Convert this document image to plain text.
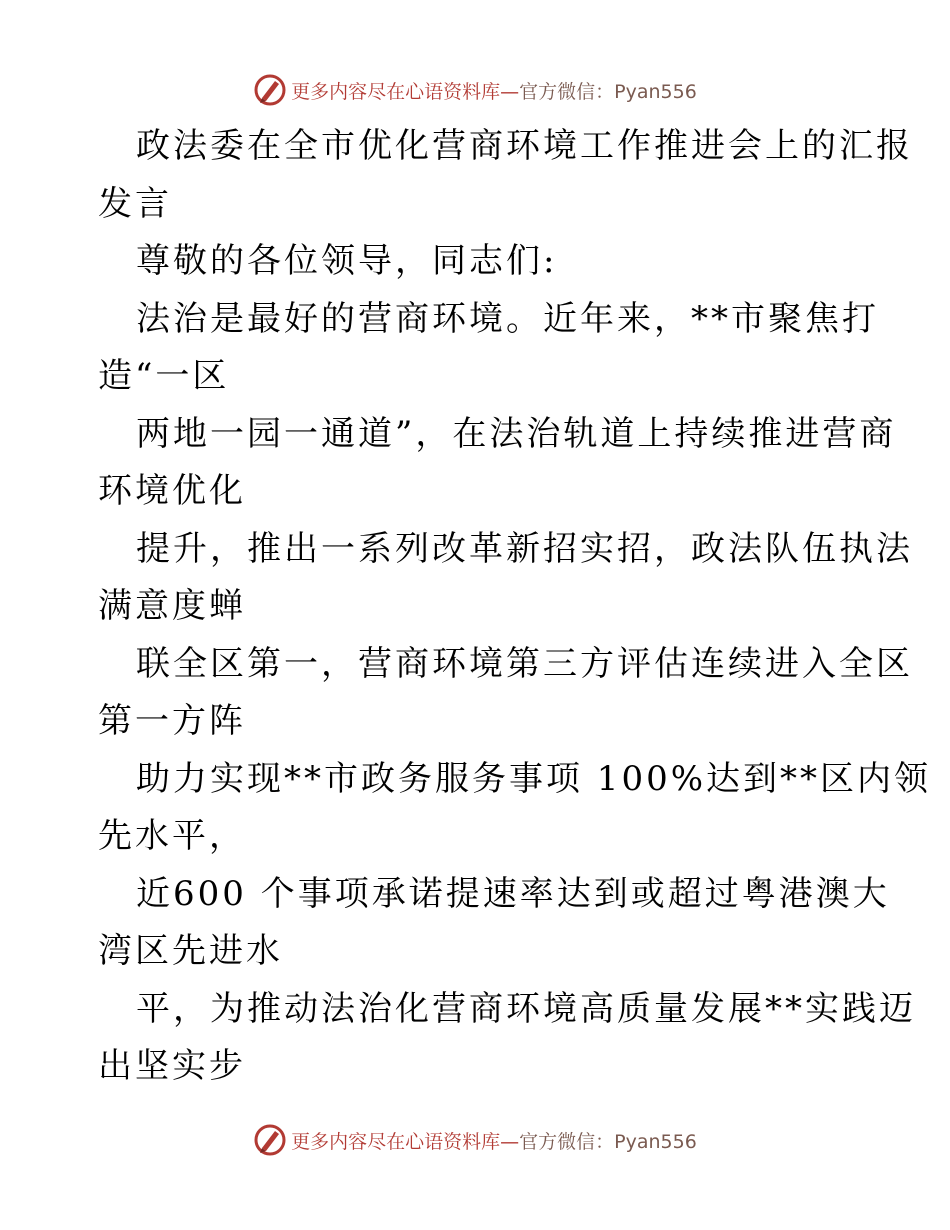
更多内容尽在心语资料库—官方微信：Pyan556
政法委在全市优化营商环境工作推进会上的汇报
发言
尊敬的各位领导，同志们:
法治是最好的营商环境。近年来，**市聚焦打
造“一区
两地一园一通道”，在法治轨道上持续推进营商
环境优化
提升，推出一系列改革新招实招，政法队伍执法
满意度蝉
联全区第一，营商环境第三方评估连续进入全区
第一方阵
助力实现**市政务服务事项 100%达到**区内领
先水平，
近600 个事项承诺提速率达到或超过粤港澳大
湾区先进水
平，为推动法治化营商环境高质量发展**实践迈
出坚实步
更多内容尽在心语资料库—官方微信：Pyan556
